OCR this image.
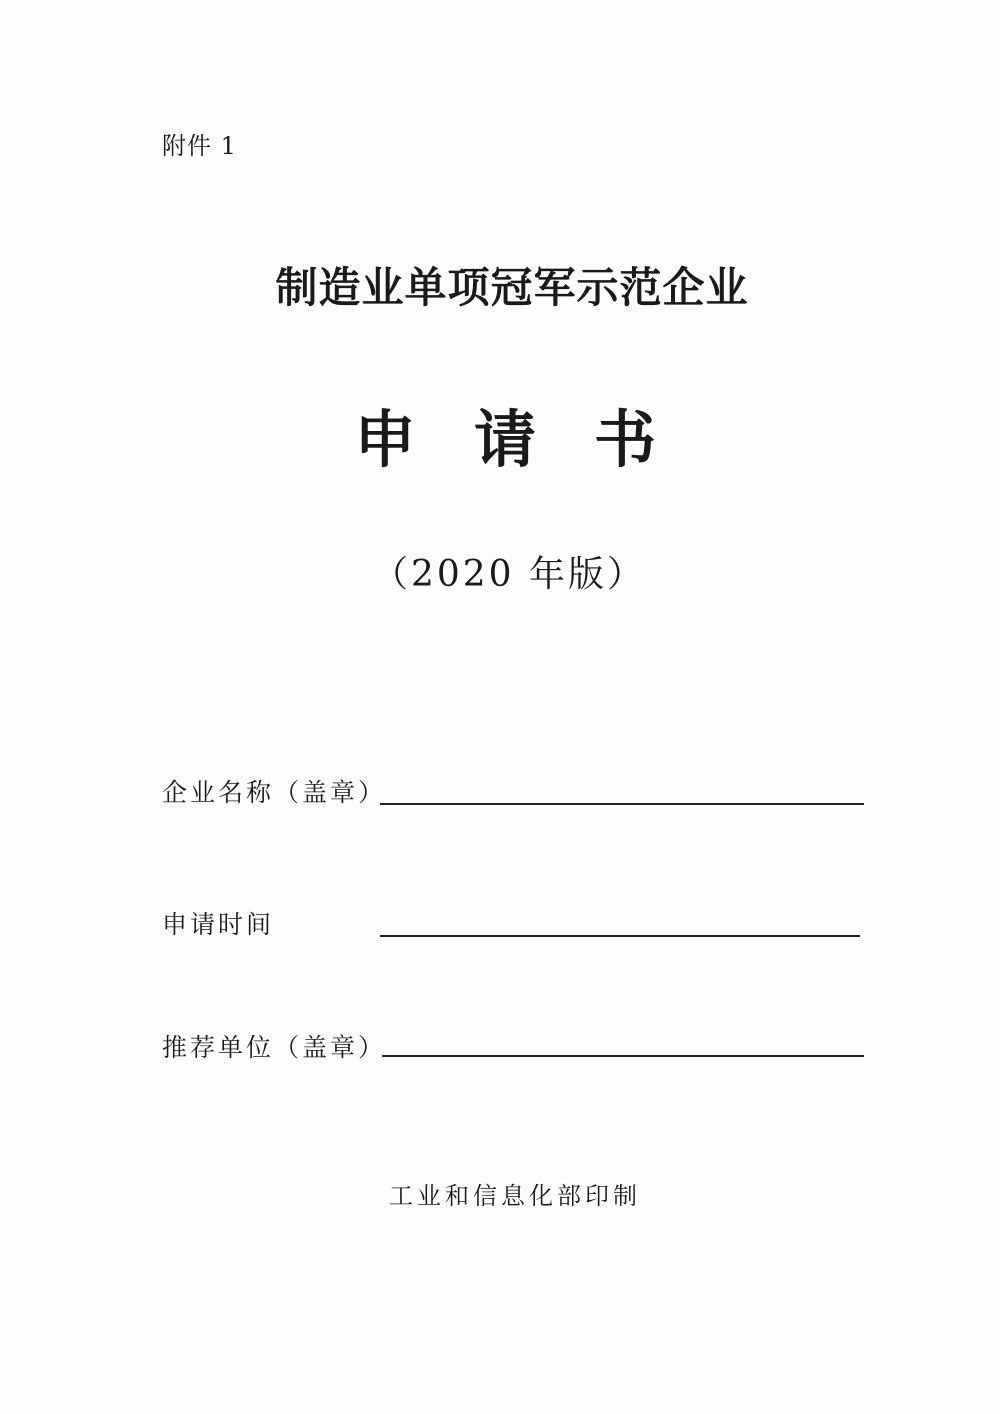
附件 1
制造业单项冠军示范企业
申请书
（2020 年版）
企业名称（盖章）
申请时间
推荐单位（盖章）
工业和信息化部印制
